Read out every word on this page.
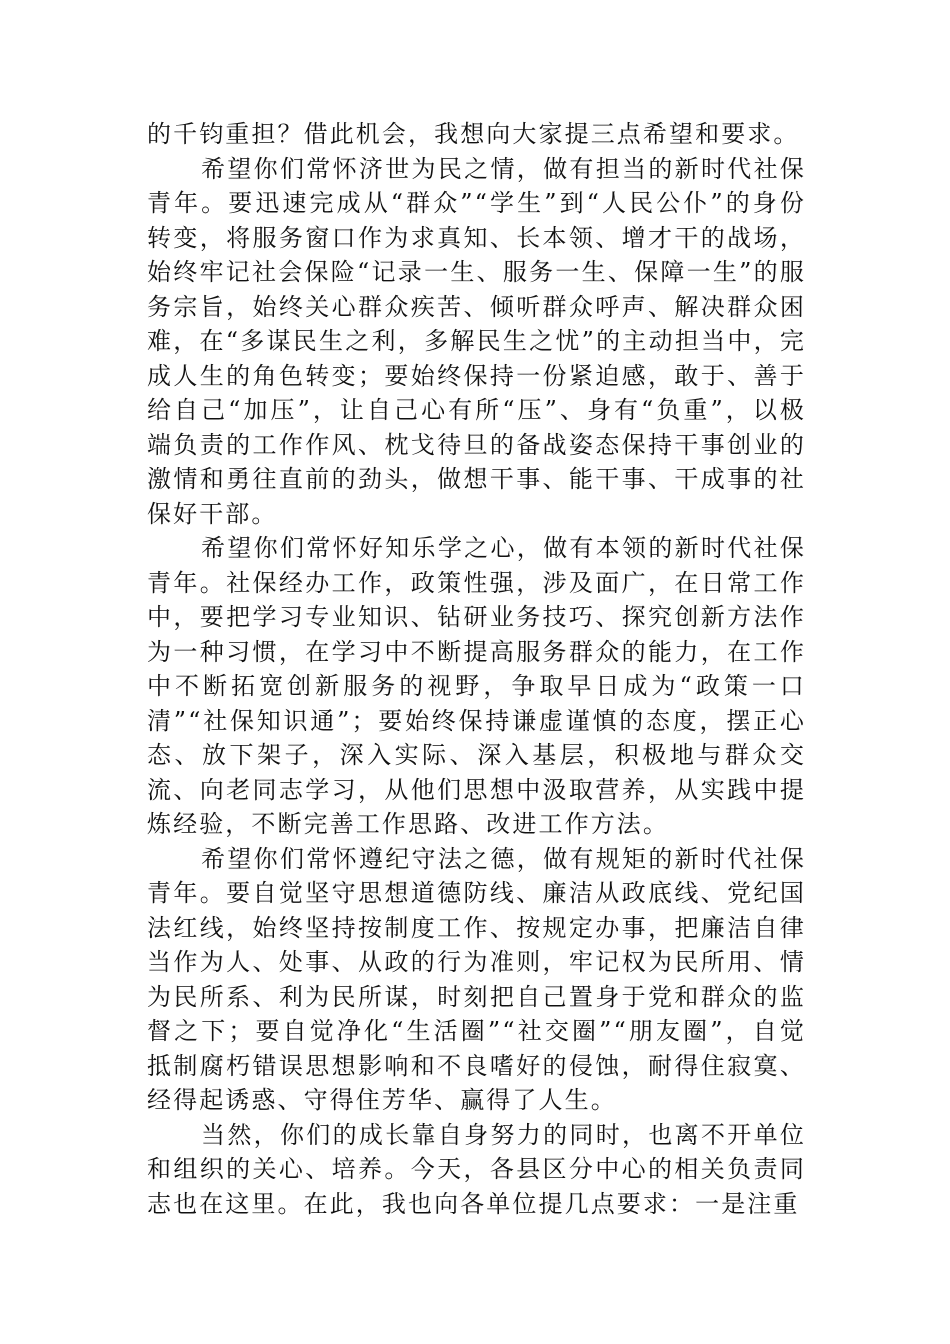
的千钧重担？借此机会，我想向大家提三点希望和要求。

希望你们常怀济世为民之情，做有担当的新时代社保青年。要迅速完成从“群众”“学生”到“人民公仆”的身份转变，将服务窗口作为求真知、长本领、增才干的战场，始终牢记社会保险“记录一生、服务一生、保障一生”的服务宗旨，始终关心群众疾苦、倾听群众呼声、解决群众困难，在“多谋民生之利，多解民生之忧”的主动担当中，完成人生的角色转变；要始终保持一份紧迫感，敢于、善于给自己“加压”，让自己心有所“压”、身有“负重”，以极端负责的工作作风、枕戈待旦的备战姿态保持干事创业的激情和勇往直前的劲头，做想干事、能干事、干成事的社保好干部。

希望你们常怀好知乐学之心，做有本领的新时代社保青年。社保经办工作，政策性强，涉及面广，在日常工作中，要把学习专业知识、钻研业务技巧、探究创新方法作为一种习惯，在学习中不断提高服务群众的能力，在工作中不断拓宽创新服务的视野，争取早日成为“政策一口清”“社保知识通”；要始终保持谦虚谨慎的态度，摆正心态、放下架子，深入实际、深入基层，积极地与群众交流、向老同志学习，从他们思想中汲取营养，从实践中提炼经验，不断完善工作思路、改进工作方法。

希望你们常怀遵纪守法之德，做有规矩的新时代社保青年。要自觉坚守思想道德防线、廉洁从政底线、党纪国法红线，始终坚持按制度工作、按规定办事，把廉洁自律当作为人、处事、从政的行为准则，牢记权为民所用、情为民所系、利为民所谋，时刻把自己置身于党和群众的监督之下；要自觉净化“生活圈”“社交圈”“朋友圈”，自觉抵制腐朽错误思想影响和不良嗜好的侵蚀，耐得住寂寞、经得起诱惑、守得住芳华、赢得了人生。

当然，你们的成长靠自身努力的同时，也离不开单位和组织的关心、培养。今天，各县区分中心的相关负责同志也在这里。在此，我也向各单位提几点要求：一是注重
